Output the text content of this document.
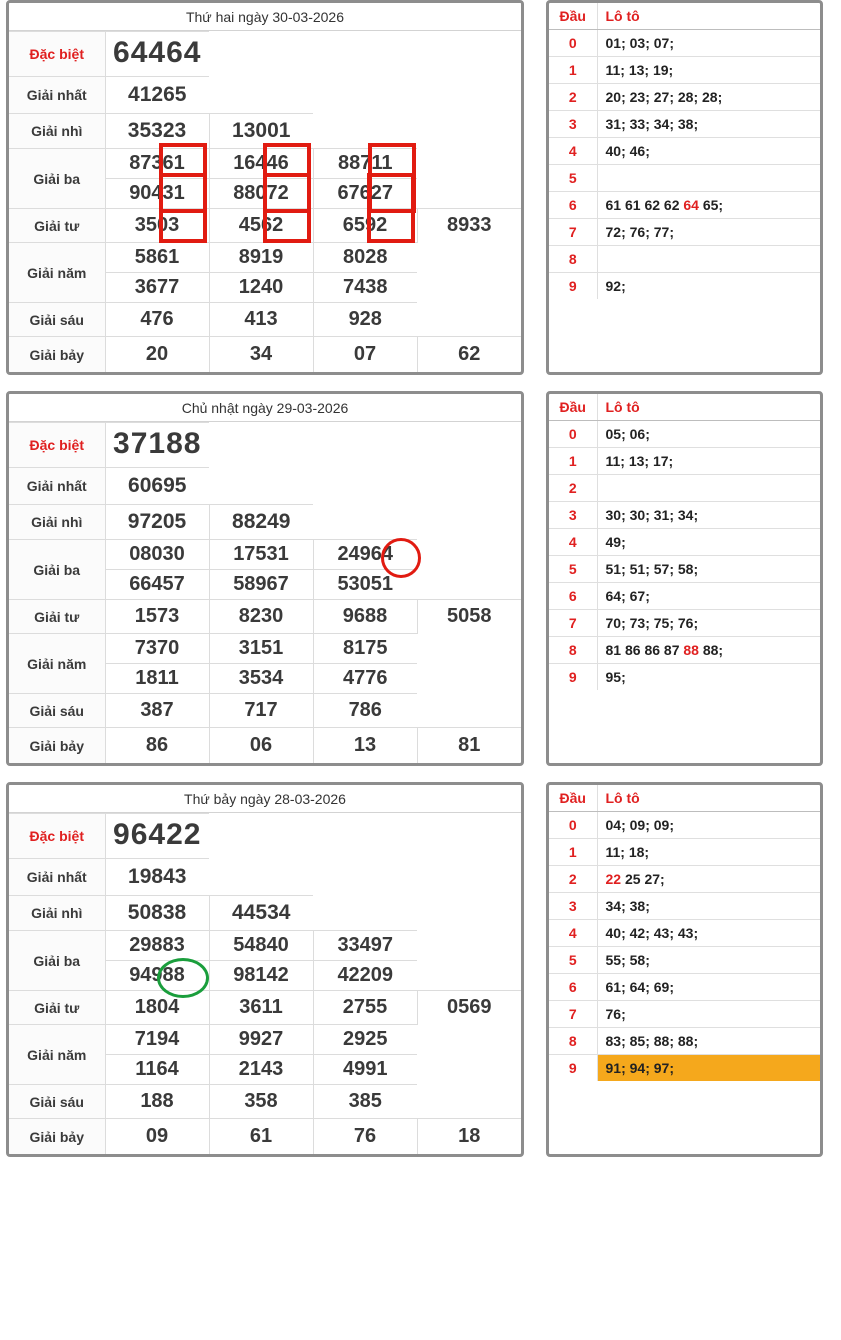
Thứ hai ngày 30-03-2026
Đặc biệt	64464			
Giải nhất	41265			
Giải nhì	35323	13001		
Giải ba	87361	16446	88711	
	90431	88072	67627	
Giải tư	3503	4562	6592	8933
Giải năm	5861	8919	8028	
	3677	1240	7438	
Giải sáu	476	413	928	
Giải bảy	20	34	07	62
Đầu	Lô tô
0	01; 03; 07;
1	11; 13; 19;
2	20; 23; 27; 28; 28;
3	31; 33; 34; 38;
4	40; 46;
5	
6	61 61 62 62 64 65;
7	72; 76; 77;
8	
9	92;
Chủ nhật ngày 29-03-2026
Đặc biệt	37188			
Giải nhất	60695			
Giải nhì	97205	88249		
Giải ba	08030	17531	24964	
	66457	58967	53051	
Giải tư	1573	8230	9688	5058
Giải năm	7370	3151	8175	
	1811	3534	4776	
Giải sáu	387	717	786	
Giải bảy	86	06	13	81
Đầu	Lô tô
0	05; 06;
1	11; 13; 17;
2	
3	30; 30; 31; 34;
4	49;
5	51; 51; 57; 58;
6	64; 67;
7	70; 73; 75; 76;
8	81 86 86 87 88 88;
9	95;
Thứ bảy ngày 28-03-2026
Đặc biệt	96422			
Giải nhất	19843			
Giải nhì	50838	44534		
Giải ba	29883	54840	33497	
	94988	98142	42209	
Giải tư	1804	3611	2755	0569
Giải năm	7194	9927	2925	
	1164	2143	4991	
Giải sáu	188	358	385	
Giải bảy	09	61	76	18
Đầu	Lô tô
0	04; 09; 09;
1	11; 18;
2	22 25 27;
3	34; 38;
4	40; 42; 43; 43;
5	55; 58;
6	61; 64; 69;
7	76;
8	83; 85; 88; 88;
9	91; 94; 97;
